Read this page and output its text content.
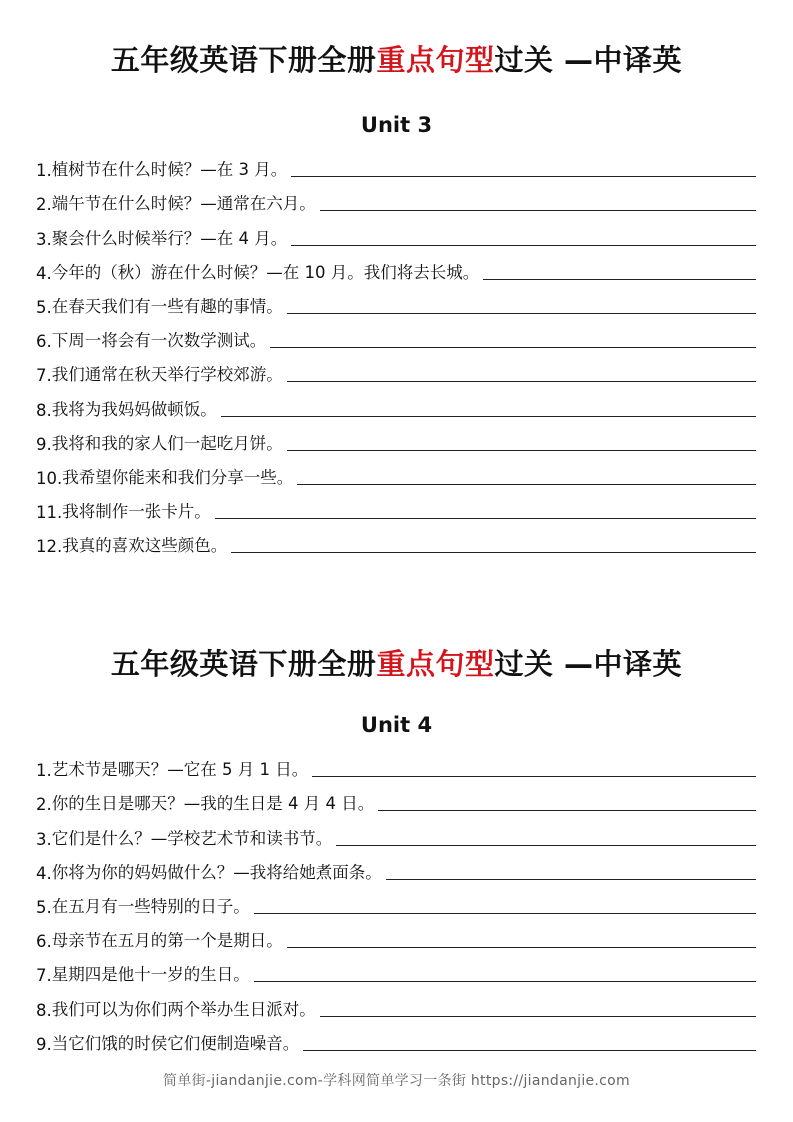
五年级英语下册全册重点句型过关 —中译英
Unit 3
1. 植树节在什么时候？—在 3 月。
2. 端午节在什么时候？—通常在六月。
3. 聚会什么时候举行？—在 4 月。
4. 今年的（秋）游在什么时候？—在 10 月。我们将去长城。
5. 在春天我们有一些有趣的事情。
6. 下周一将会有一次数学测试。
7. 我们通常在秋天举行学校郊游。
8. 我将为我妈妈做顿饭。
9. 我将和我的家人们一起吃月饼。
10. 我希望你能来和我们分享一些。
11. 我将制作一张卡片。
12. 我真的喜欢这些颜色。
五年级英语下册全册重点句型过关 —中译英
Unit 4
1. 艺术节是哪天？—它在 5 月 1 日。
2. 你的生日是哪天？—我的生日是 4 月 4 日。
3. 它们是什么？—学校艺术节和读书节。
4. 你将为你的妈妈做什么？—我将给她煮面条。
5. 在五月有一些特别的日子。
6. 母亲节在五月的第一个是期日。
7. 星期四是他十一岁的生日。
8. 我们可以为你们两个举办生日派对。
9. 当它们饿的时侯它们便制造噪音。
简单街-jiandanjie.com-学科网简单学习一条街 https://jiandanjie.com
